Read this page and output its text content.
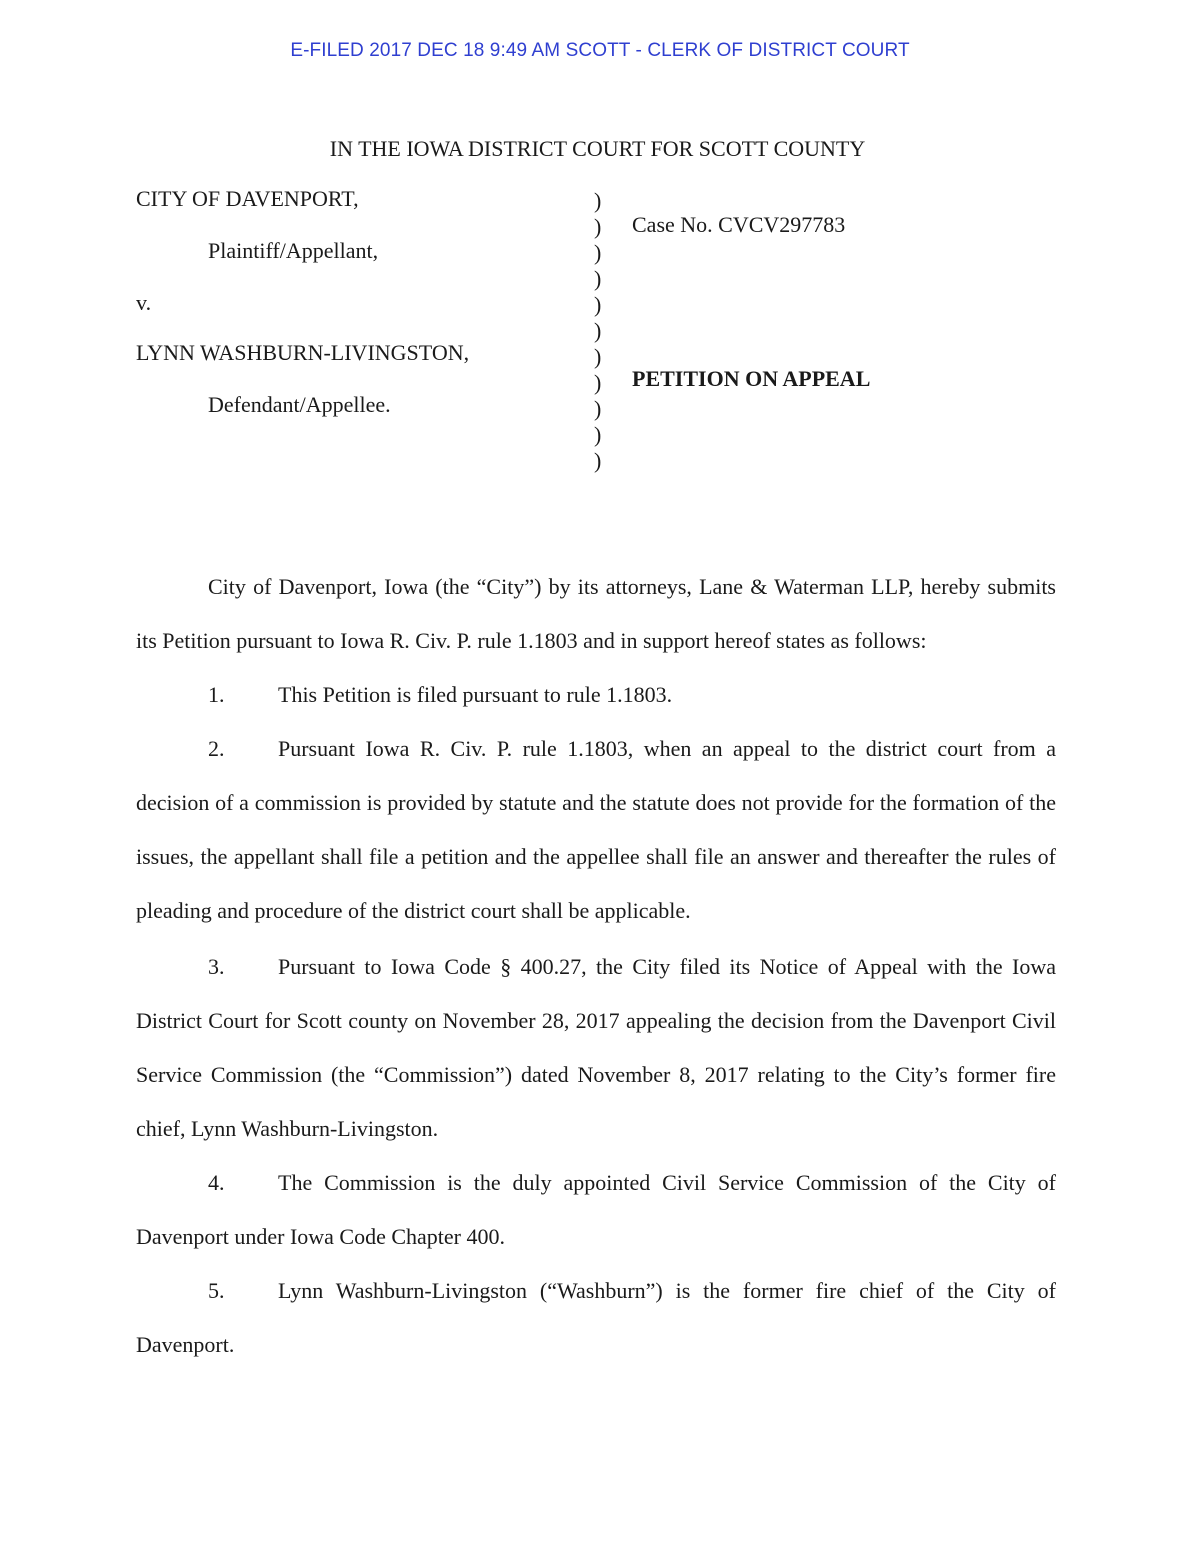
E-FILED 2017 DEC 18 9:49 AM SCOTT - CLERK OF DISTRICT COURT
IN THE IOWA DISTRICT COURT FOR SCOTT COUNTY
CITY OF DAVENPORT,
Plaintiff/Appellant,
v.
LYNN WASHBURN-LIVINGSTON,
Defendant/Appellee.
)
)
)
)
)
)
)
)
)
)
)
Case No. CVCV297783
PETITION ON APPEAL

City of Davenport, Iowa (the “City”) by its attorneys, Lane & Waterman LLP, hereby submits its Petition pursuant to Iowa R. Civ. P. rule 1.1803 and in support hereof states as follows:

1. This Petition is filed pursuant to rule 1.1803.

2. Pursuant Iowa R. Civ. P. rule 1.1803, when an appeal to the district court from a decision of a commission is provided by statute and the statute does not provide for the formation of the issues, the appellant shall file a petition and the appellee shall file an answer and thereafter the rules of pleading and procedure of the district court shall be applicable.

3. Pursuant to Iowa Code § 400.27, the City filed its Notice of Appeal with the Iowa District Court for Scott county on November 28, 2017 appealing the decision from the Davenport Civil Service Commission (the “Commission”) dated November 8, 2017 relating to the City’s former fire chief, Lynn Washburn-Livingston.

4. The Commission is the duly appointed Civil Service Commission of the City of Davenport under Iowa Code Chapter 400.

5. Lynn Washburn-Livingston (“Washburn”) is the former fire chief of the City of Davenport.
